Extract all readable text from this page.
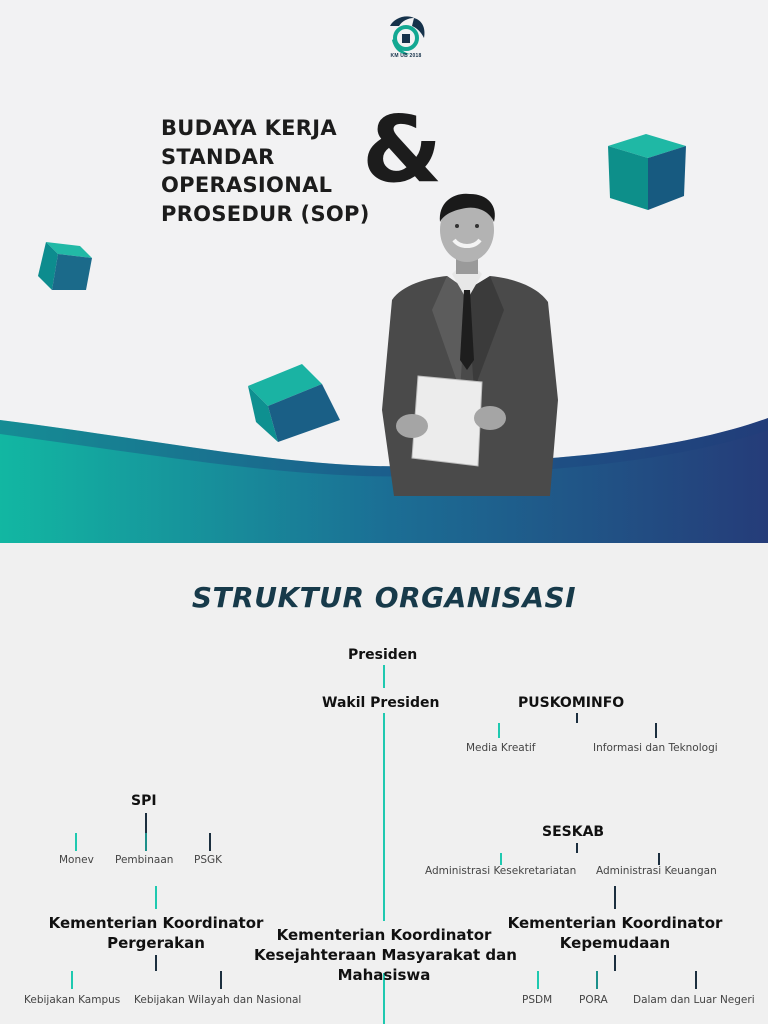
KM UB 2018
BUDAYA KERJA
STANDAR
OPERASIONAL
PROSEDUR (SOP)
&
STRUKTUR ORGANISASI
Presiden
Wakil Presiden	PUSKOMINFO
Media Kreatif	Informasi dan Teknologi
SPI
Monev Pembinaan PSGK
SESKAB
Administrasi Kesekretariatan Administrasi Keuangan
Kementerian Koordinator
Pergerakan
Kebijakan Kampus Kebijakan Wilayah dan Nasional
Kementerian Koordinator
Kesejahteraan Masyarakat dan
Mahasiswa
Kementerian Koordinator
Kepemudaan
PSDM	PORA Dalam dan Luar Negeri
